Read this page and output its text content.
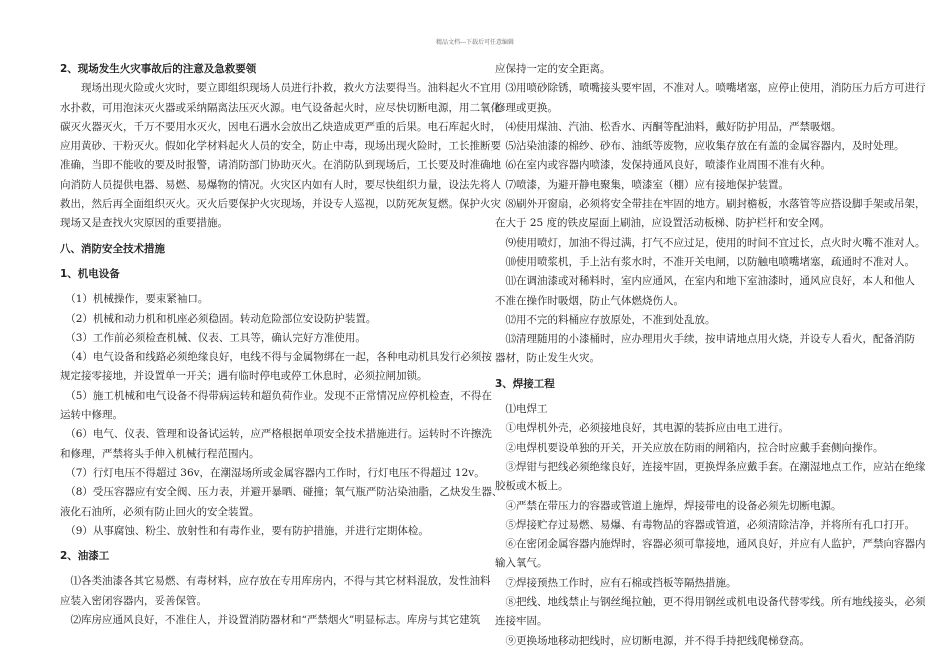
精品文档---下载后可任意编辑
2、现场发生火灾事故后的注意及急救要领
　　现场出现火险或火灾时，要立即组织现场人员进行扑救，救火方法要得当。油料起火不宜用
水扑救，可用泡沫灭火器或采纳隔离法压灭火源。电气设备起火时，应尽快切断电源，用二氧化
碳灭火器灭火，千万不要用水灭火，因电石遇水会放出乙炔造成更严重的后果。电石库起火时，
应用黄砂、干粉灭火。假如化学材料起火人员的安全，防止中毒，现场出现火险时，工长推断要
准确，当即不能收的要及时报警，请消防部门协助灭火。在消防队到现场后，工长要及时准确地
向消防人员提供电器、易燃、易爆物的情况。火灾区内如有人时，要尽快组织力量，设法先将人
救出，然后再全面组织灭火。灭火后要保护火灾现场，并设专人巡视，以防死灰复燃。保护火灾
现场又是查找火灾原因的重要措施。
八、消防安全技术措施
1、机电设备
　（1）机械操作，要束紧袖口。
　（2）机械和动力机和机座必须稳固。转动危险部位安设防护装置。
　（3）工作前必须检查机械、仪表、工具等，确认完好方准使用。
　（4）电气设备和线路必须绝缘良好，电线不得与金属物绑在一起，各种电动机具发行必须按
规定接零接地，并设置单一开关；遇有临时停电或停工休息时，必须拉闸加锁。
　（5）施工机械和电气设备不得带病运转和超负荷作业。发现不正常情况应停机检查，不得在
运转中修理。
　（6）电气、仪表、管理和设备试运转，应严格根据单项安全技术措施进行。运转时不许擦洗
和修理，严禁将头手伸入机械行程范围内。
　（7）行灯电压不得超过 36v，在潮湿场所或金属容器内工作时，行灯电压不得超过 12v。
　（8）受压容器应有安全阀、压力表，并避开暴晒、碰撞；氧气瓶严防沾染油脂，乙炔发生器、
液化石油所，必须有防止回火的安全装置。
　（9）从事腐蚀、粉尘、放射性和有毒作业，要有防护措施，并进行定期体检。
2、油漆工
　⑴各类油漆各其它易燃、有毒材料，应存放在专用库房内，不得与其它材料混放，发性油料
应装入密闭容器内，妥善保管。
　⑵库房应通风良好，不准住人，并设置消防器材和“严禁烟火”明显标志。库房与其它建筑
应保持一定的安全距离。
　⑶用喷砂除锈，喷嘴接头要牢固，不准对人。喷嘴堵塞，应停止使用，消防压力后方可进行
修理或更换。
　⑷使用煤油、汽油、松香水、丙酮等配油料，戴好防护用品，严禁吸烟。
　⑸沾染油漆的棉纱、砂布、油纸等废物，应收集存放在有盖的金属容器内，及时处理。
　⑹在室内或容器内喷漆，发保持通风良好，喷漆作业周围不准有火种。
　⑺喷漆，为避开静电聚集，喷漆室（棚）应有接地保护装置。
　⑻刷外开窗扇，必须将安全带挂在牢固的地方。刷封檐板，水落管等应搭设脚手架或吊架，
在大于 25 度的铁皮屋面上刷油，应设置活动板梯、防护栏杆和安全网。
　⑼使用喷灯，加油不得过满，打气不应过足，使用的时间不宜过长，点火时火嘴不准对人。
　⑽使用喷浆机，手上沾有浆水时，不准开关电闸，以防触电喷嘴堵塞，疏通时不准对人。
　⑾在调油漆或对稀料时，室内应通风，在室内和地下室油漆时，通风应良好，本人和他人
不准在操作时吸烟，防止气体燃烧伤人。
　⑿用不完的料桶应存放原处，不准到处乱放。
　⒀清理随用的小漆桶时，应办理用火手续，按申请地点用火烧，并设专人看火，配备消防
器材，防止发生火灾。
3、焊接工程
　⑴电焊工
　①电焊机外壳，必须接地良好，其电源的装拆应由电工进行。
　②电焊机要设单独的开关，开关应放在防雨的闸箱内，拉合时应戴手套侧向操作。
　③焊钳与把线必须绝缘良好，连接牢固，更换焊条应戴手套。在潮湿地点工作，应站在绝缘
胶板或木板上。
　④严禁在带压力的容器或管道上施焊，焊接带电的设备必须先切断电源。
　⑤焊接贮存过易燃、易爆、有毒物品的容器或管道，必须清除洁净，并将所有孔口打开。
　⑥在密闭金属容器内施焊时，容器必须可靠接地，通风良好，并应有人监护，严禁向容器内
输入氧气。
　⑦焊接预热工作时，应有石棉或挡板等隔热措施。
　⑧把线、地线禁止与钢丝绳拉触，更不得用钢丝或机电设备代替零线。所有地线接头，必须
连接牢固。
　⑨更换场地移动把线时，应切断电源，并不得手持把线爬梯登高。
